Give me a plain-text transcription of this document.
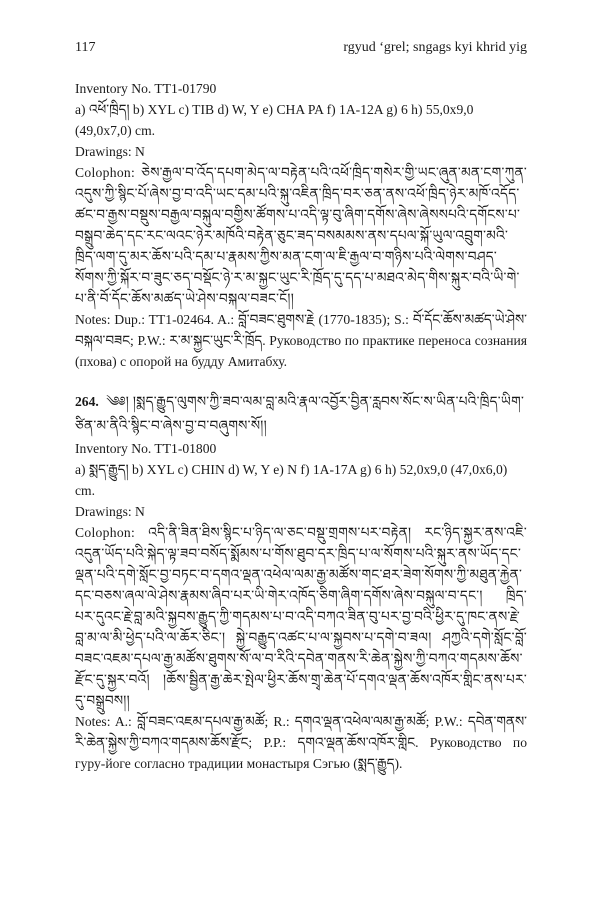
117	rgyud ‘grel; sngags kyi khrid yig
Inventory No. TT1-01790
a) འཕོ་ཁྲིད། b) XYL c) TIB d) W, Y e) CHA PA f) 1A-12A g) 6 h) 55,0x9,0
(49,0x7,0) cm.
Drawings: N
Colophon: ཅེས་རྒྱལ་བ་འོད་དཔག་མེད་ལ་བརྟེན་པའི་འཕོ་ཁྲིད་གསེར་གྱི་ཡང་ཞུན་མན་ངག་ཀུན་འདུས་ཀྱི་སྙིང་པོ་ཞེས་བྱ་བ་འདི་ཡང་དམ་པའི་སྐུ་འཇིན་ཁྲིད་བར་ཅན་ནས་འཕོ་ཁྲིད་ཉེར་མཁོ་འདོད་ཚང་བ་རྒྱས་བསྡུས་བརྒྱལ་བསྐུལ་བགྱིས་ཚོགས་པ་འདི་ལྟ་བུ་ཞིག་དགོས་ཞེས་ཞེསསཔའི་དགོངས་པ་བསྒྲུབ་ཆེད་དང་རང་ལའང་ཉེར་མཁོའི་བརྟེན་ཅུང་ཟད་བསམམས་ནས་དཔལ་སྐོ་ཡུལ་འབྲུག་མའི་ཁྲིད་ལག་དུ་མར་ཆོས་པའི་དམ་པ་རྣམས་ཀྱིས་མན་ངག་ལ་ཇི་རྒྱལ་བ་གཉིས་པའི་ལེགས་བཤད་སོགས་ཀྱི་སྐོར་བ་ཟུང་ཅད་བསྡོང་ཉེ་ར་མ་སྐྱང་ཡུང་རི་ཁྲོད་དུ་དད་པ་མཐའ་མེད་གིས་སྐུར་བའི་ཡི་གེ་པ་ནི་བོ་དོང་ཆོས་མཚད་ཡེ་ཤེས་བསྐལ་བཟང་ངོ།།
Notes: Dup.: TT1-02464. A.: བློ་བཟང་ཐུགས་རྗེ (1770-1835); S.: བོ་དོང་ཆོས་མཚད་ཡེ་ཤེས་བསྐལ་བཟང; P.W.: ར་མ་སྐྱང་ཡུང་རི་ཁྲོད. Руководство по практике переноса сознания (пхова) с опорой на будду Амитабху.
264. ༄༅། །སྨད་རྒྱུད་ལུགས་ཀྱི་ཟབ་ལམ་བླ་མའི་རྣལ་འབྱོར་བྱིན་རླབས་སོང་ས་ཡིན་པའི་ཁྲིད་ཡིག་ཙིན་མ་ནིའི་སྙིང་བ་ཞེས་བྱ་བ་བཞུགས་སོ།།
Inventory No. TT1-01800
a) སྨད་རྒྱུད། b) XYL c) CHIN d) W, Y e) N f) 1A-17A g) 6 h) 52,0x9,0 (47,0x6,0)
cm.
Drawings: N
Colophon: འདི་ནི་ཟིན་ཐིས་སྙིང་པ་ཉིད་ལ་ཅང་བསྡུ་གྲགས་པར་བརྟེན། རང་ཉིད་སྐྱར་ནས་འཇི་འདུན་ཡོད་པའི་སྐེད་ལྟ་ཟབ་བསོད་སྨོམས་པ་གོས་ཐུབ་དར་ཁྲིད་པ་ལ་སོགས་པའི་སྐུར་ནས་ཡོད་དང་ལྡན་པའི་དགེ་སློང་བྱ་བཏང་བ་དགའ་ལྡན་འཕེལ་ལམ་རྒྱ་མཚོས་གང་ཐར་ཟེག་སོགས་ཀྱི་མཐུན་རྐྱེན་དང་བཅས་ཞལ་ལེ་ཤེས་རྣམས་ཞིབ་པར་ཡི་གེར་འཁོད་ཅིག་ཞིག་དགོས་ཞེས་བསྐུལ་བ་དང་། ཁྲིད་པར་དུའང་རྗེ་བླ་མའི་སྐྱབས་རྒྱུད་ཀྱི་གདམས་པ་བ་འདི་བཀའ་ཟིན་བུ་པར་བྱ་བའི་ཕྱིར་དུ་ཁང་ནས་རྗེ་བླ་མ་ལ་མི་ཕྱེད་པའི་ལ་ཆོར་ཅིང་། སྐྱེ་བརྒྱུད་འཚང་པ་ལ་སྐྱབས་པ་དགེ་བ་ཟལ། ཤཀྱའི་དགེ་སློང་བློ་བཟང་འཇམ་དཔལ་རྒྱ་མཚོས་ཐུགས་སོ་ལ་བ་རིའི་དབེན་གནས་རི་ཆེན་སྐྱེས་ཀྱི་བཀའ་གདམས་ཆོས་རྫོང་དུ་སྐྱར་བའོ། །ཆོས་སྦྱིན་རྒྱ་ཆེར་སྤེལ་ཕྱིར་ཆོས་གྲྭ་ཆེན་པོ་དགའ་ལྡན་ཆོས་འཁོར་གླིང་ནས་པར་དུ་བསྒྲུབས།།
Notes: A.: བློ་བཟང་འཇམ་དཔལ་རྒྱ་མཚོ; R.: དགའ་ལྡན་འཕེལ་ལམ་རྒྱ་མཚོ; P.W.: དབེན་གནས་རི་ཆེན་སྐྱེས་ཀྱི་བཀའ་གདམས་ཆོས་རྫོང; P.P.: དགའ་ལྡན་ཆོས་འཁོར་གླིང. Руководство по гуру-йоге согласно традиции монастыря Сэгью (སྨད་རྒྱུད).
